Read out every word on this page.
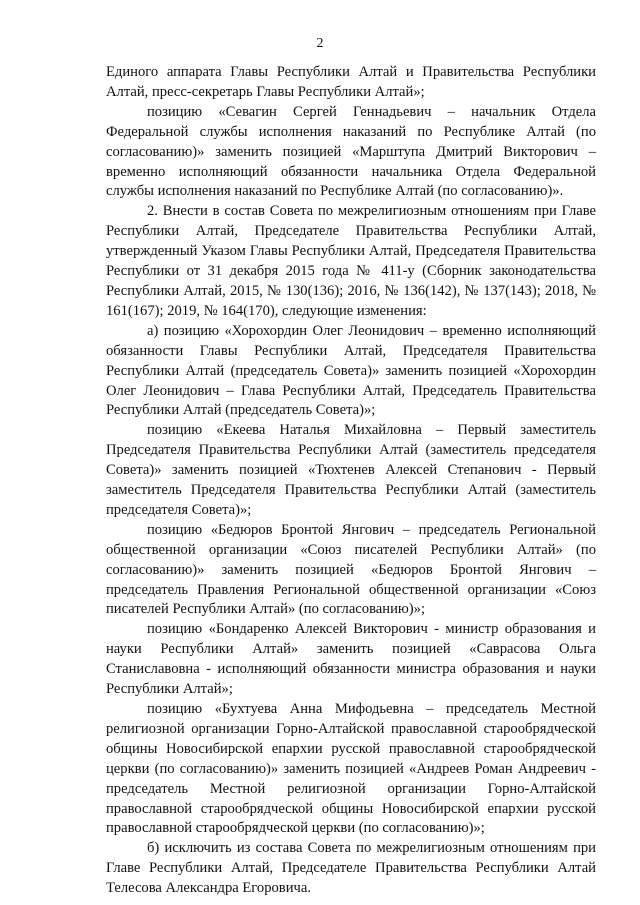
2

Единого аппарата Главы Республики Алтай и Правительства Республики Алтай, пресс-секретарь Главы Республики Алтай»;

позицию «Севагин Сергей Геннадьевич – начальник Отдела Федеральной службы исполнения наказаний по Республике Алтай (по согласованию)» заменить позицией «Марштупа Дмитрий Викторович – временно исполняющий обязанности начальника Отдела Федеральной службы исполнения наказаний по Республике Алтай (по согласованию)».

2. Внести в состав Совета по межрелигиозным отношениям при Главе Республики Алтай, Председателе Правительства Республики Алтай, утвержденный Указом Главы Республики Алтай, Председателя Правительства Республики от 31 декабря 2015 года № 411-у (Сборник законодательства Республики Алтай, 2015, № 130(136); 2016, № 136(142), № 137(143); 2018, № 161(167); 2019, № 164(170), следующие изменения:

а) позицию «Хорохордин Олег Леонидович – временно исполняющий обязанности Главы Республики Алтай, Председателя Правительства Республики Алтай (председатель Совета)» заменить позицией «Хорохордин Олег Леонидович – Глава Республики Алтай, Председатель Правительства Республики Алтай (председатель Совета)»;

позицию «Екеева Наталья Михайловна – Первый заместитель Председателя Правительства Республики Алтай (заместитель председателя Совета)» заменить позицией «Тюхтенев Алексей Степанович - Первый заместитель Председателя Правительства Республики Алтай (заместитель председателя Совета)»;

позицию «Бедюров Бронтой Янгович – председатель Региональной общественной организации «Союз писателей Республики Алтай» (по согласованию)» заменить позицией «Бедюров Бронтой Янгович – председатель Правления Региональной общественной организации «Союз писателей Республики Алтай» (по согласованию)»;

позицию «Бондаренко Алексей Викторович - министр образования и науки Республики Алтай» заменить позицией «Саврасова Ольга Станиславовна - исполняющий обязанности министра образования и науки Республики Алтай»;

позицию «Бухтуева Анна Мифодьевна – председатель Местной религиозной организации Горно-Алтайской православной старообрядческой общины Новосибирской епархии русской православной старообрядческой церкви (по согласованию)» заменить позицией «Андреев Роман Андреевич - председатель Местной религиозной организации Горно-Алтайской православной старообрядческой общины Новосибирской епархии русской православной старообрядческой церкви (по согласованию)»;

б) исключить из состава Совета по межрелигиозным отношениям при Главе Республики Алтай, Председателе Правительства Республики Алтай Телесова Александра Егоровича.
